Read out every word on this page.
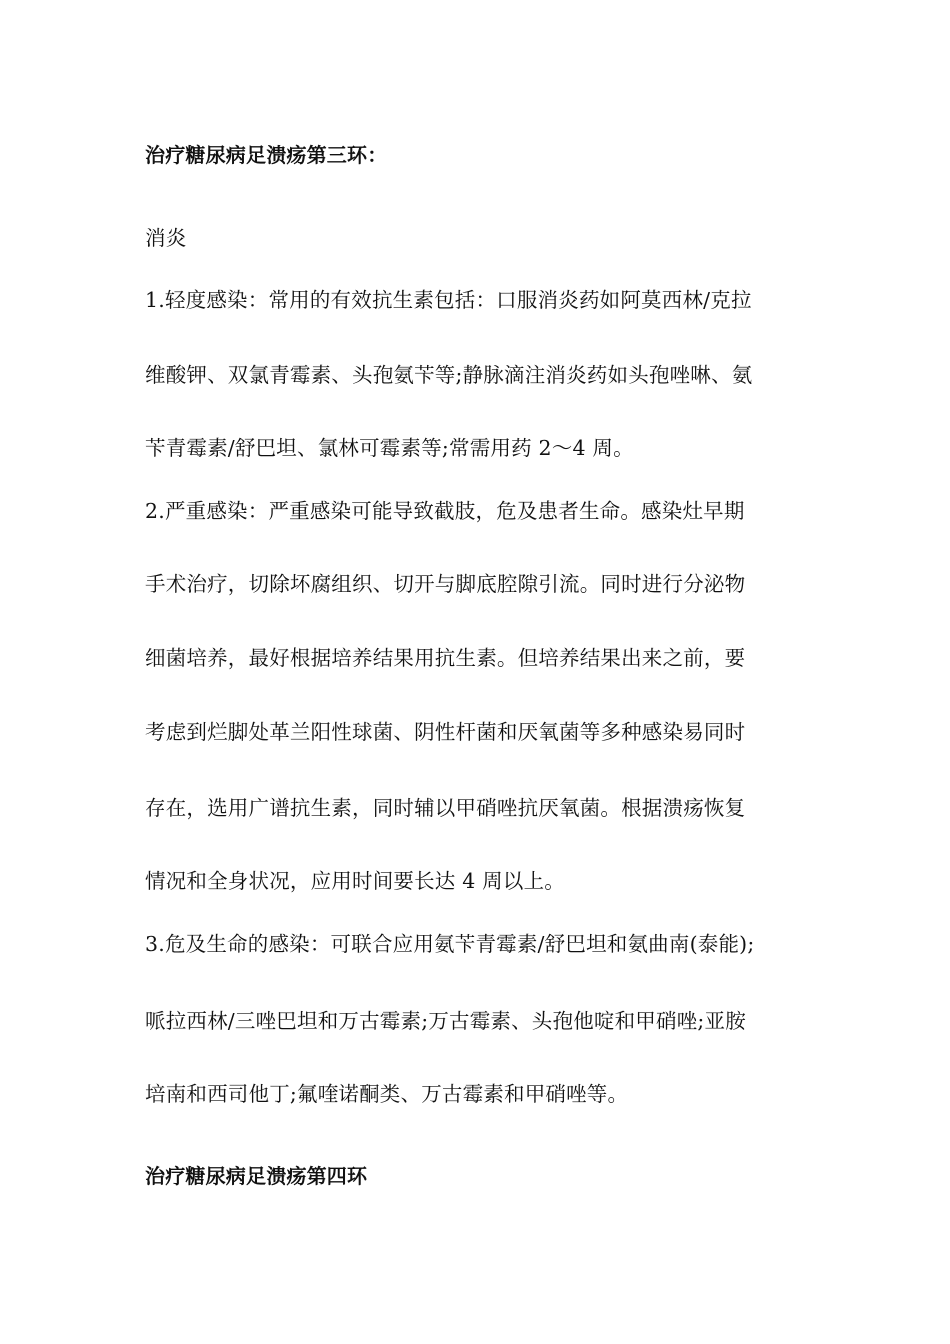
治疗糖尿病足溃疡第三环：
消炎
1.轻度感染：常用的有效抗生素包括：口服消炎药如阿莫西林/克拉
维酸钾、双氯青霉素、头孢氨苄等;静脉滴注消炎药如头孢唑啉、氨
苄青霉素/舒巴坦、氯林可霉素等;常需用药 2～4 周。
2.严重感染：严重感染可能导致截肢，危及患者生命。感染灶早期
手术治疗，切除坏腐组织、切开与脚底腔隙引流。同时进行分泌物
细菌培养，最好根据培养结果用抗生素。但培养结果出来之前，要
考虑到烂脚处革兰阳性球菌、阴性杆菌和厌氧菌等多种感染易同时
存在，选用广谱抗生素，同时辅以甲硝唑抗厌氧菌。根据溃疡恢复
情况和全身状况，应用时间要长达 4 周以上。
3.危及生命的感染：可联合应用氨苄青霉素/舒巴坦和氨曲南(泰能);
哌拉西林/三唑巴坦和万古霉素;万古霉素、头孢他啶和甲硝唑;亚胺
培南和西司他丁;氟喹诺酮类、万古霉素和甲硝唑等。
治疗糖尿病足溃疡第四环
